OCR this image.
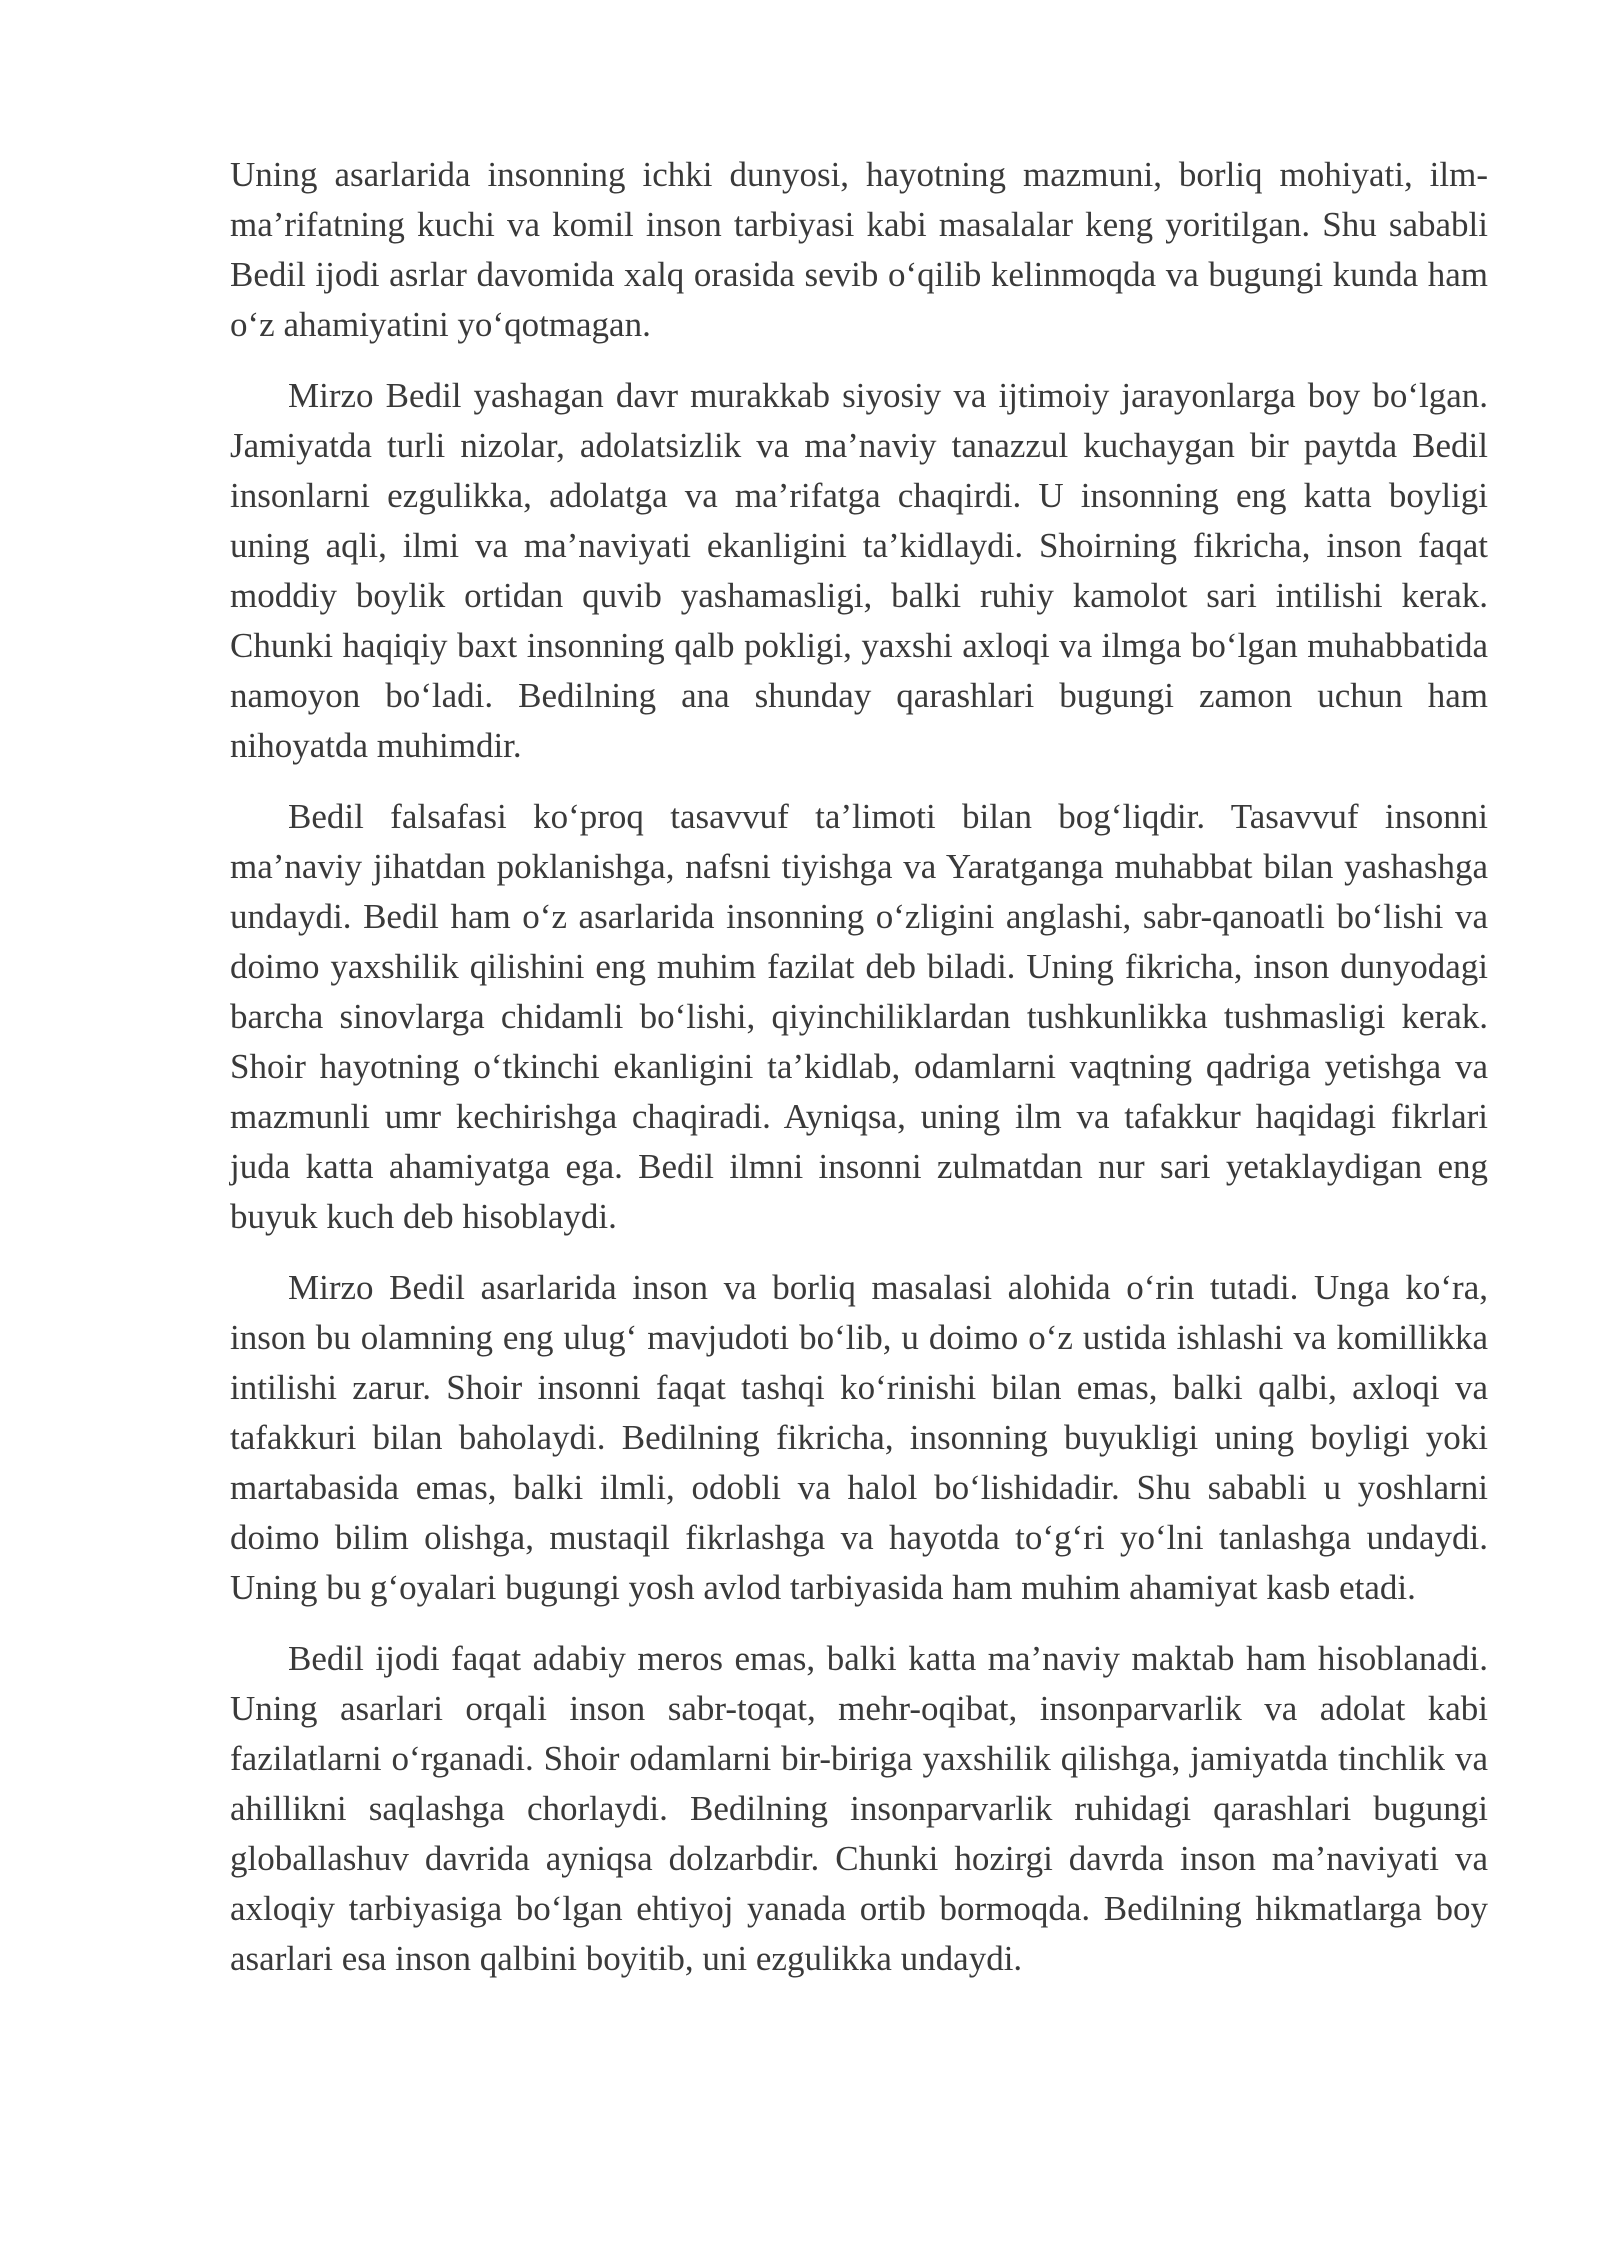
Uning asarlarida insonning ichki dunyosi, hayotning mazmuni, borliq mohiyati, ilm-ma’rifatning kuchi va komil inson tarbiyasi kabi masalalar keng yoritilgan. Shu sababli Bedil ijodi asrlar davomida xalq orasida sevib oʻqilib kelinmoqda va bugungi kunda ham oʻz ahamiyatini yoʻqotmagan.

Mirzo Bedil yashagan davr murakkab siyosiy va ijtimoiy jarayonlarga boy boʻlgan. Jamiyatda turli nizolar, adolatsizlik va ma’naviy tanazzul kuchaygan bir paytda Bedil insonlarni ezgulikka, adolatga va ma’rifatga chaqirdi. U insonning eng katta boyligi uning aqli, ilmi va ma’naviyati ekanligini ta’kidlaydi. Shoirning fikricha, inson faqat moddiy boylik ortidan quvib yashamasligi, balki ruhiy kamolot sari intilishi kerak. Chunki haqiqiy baxt insonning qalb pokligi, yaxshi axloqi va ilmga boʻlgan muhabbatida namoyon boʻladi. Bedilning ana shunday qarashlari bugungi zamon uchun ham nihoyatda muhimdir.

Bedil falsafasi koʻproq tasavvuf ta’limoti bilan bogʻliqdir. Tasavvuf insonni ma’naviy jihatdan poklanishga, nafsni tiyishga va Yaratganga muhabbat bilan yashashga undaydi. Bedil ham oʻz asarlarida insonning oʻzligini anglashi, sabr-qanoatli boʻlishi va doimo yaxshilik qilishini eng muhim fazilat deb biladi. Uning fikricha, inson dunyodagi barcha sinovlarga chidamli boʻlishi, qiyinchiliklardan tushkunlikka tushmasligi kerak. Shoir hayotning oʻtkinchi ekanligini ta’kidlab, odamlarni vaqtning qadriga yetishga va mazmunli umr kechirishga chaqiradi. Ayniqsa, uning ilm va tafakkur haqidagi fikrlari juda katta ahamiyatga ega. Bedil ilmni insonni zulmatdan nur sari yetaklaydigan eng buyuk kuch deb hisoblaydi.

Mirzo Bedil asarlarida inson va borliq masalasi alohida oʻrin tutadi. Unga koʻra, inson bu olamning eng ulugʻ mavjudoti boʻlib, u doimo oʻz ustida ishlashi va komillikka intilishi zarur. Shoir insonni faqat tashqi koʻrinishi bilan emas, balki qalbi, axloqi va tafakkuri bilan baholaydi. Bedilning fikricha, insonning buyukligi uning boyligi yoki martabasida emas, balki ilmli, odobli va halol boʻlishidadir. Shu sababli u yoshlarni doimo bilim olishga, mustaqil fikrlashga va hayotda toʻgʻri yoʻlni tanlashga undaydi. Uning bu gʻoyalari bugungi yosh avlod tarbiyasida ham muhim ahamiyat kasb etadi.

Bedil ijodi faqat adabiy meros emas, balki katta ma’naviy maktab ham hisoblanadi. Uning asarlari orqali inson sabr-toqat, mehr-oqibat, insonparvarlik va adolat kabi fazilatlarni oʻrganadi. Shoir odamlarni bir-biriga yaxshilik qilishga, jamiyatda tinchlik va ahillikni saqlashga chorlaydi. Bedilning insonparvarlik ruhidagi qarashlari bugungi globallashuv davrida ayniqsa dolzarbdir. Chunki hozirgi davrda inson ma’naviyati va axloqiy tarbiyasiga boʻlgan ehtiyoj yanada ortib bormoqda. Bedilning hikmatlarga boy asarlari esa inson qalbini boyitib, uni ezgulikka undaydi.
